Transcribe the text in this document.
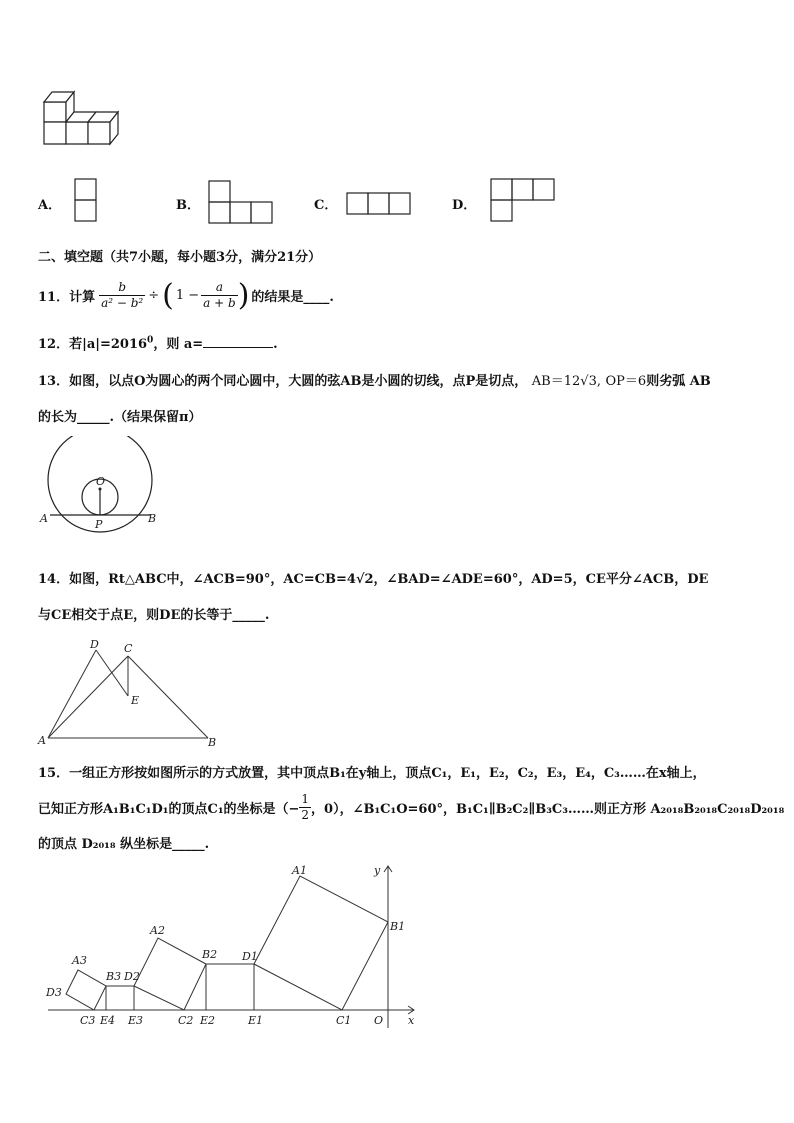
A．	B．	C．	D．
二、填空题（共7小题，每小题3分，满分21分）
11．计算 $\frac{b}{\text{a² − b²}}$ ÷ ( $1 - \frac{a}{a + b}$ ) 的结果是____.
12．若$|a|=2016^0$，则 a=	.
13．如图，以点O为圆心的两个同心圆中，大圆的弦AB是小圆的切线，点P是切点， AB＝12√3, OP＝6则劣弧 AB
的长为_____.（结果保留π）
O
A	P	B
14．如图，Rt△ABC中，∠ACB=90°，AC=CB=4√2，∠BAD=∠ADE=60°，AD=5，CE平分∠ACB，DE
与CE相交于点E，则DE的长等于_____.
D C
E
A	B
15．一组正方形按如图所示的方式放置，其中顶点B₁在y轴上，顶点C₁，E₁，E₂，C₂，E₃，E₄，C₃……在x轴上，
已知正方形A₁B₁C₁D₁的顶点C₁的坐标是（− $\frac{1}{2}$ ，0），∠B₁C₁O=60°，B₁C₁∥B₂C₂∥B₃C₃……则正方形 A₂₀₁₈B₂₀₁₈C₂₀₁₈D₂₀₁₈
的顶点 D₂₀₁₈ 纵坐标是_____.
A1
B1
C1
D1
E1
A2
B2
C2
D2
E2
A3
B3
C3
D3
E3
E4	O x
y
